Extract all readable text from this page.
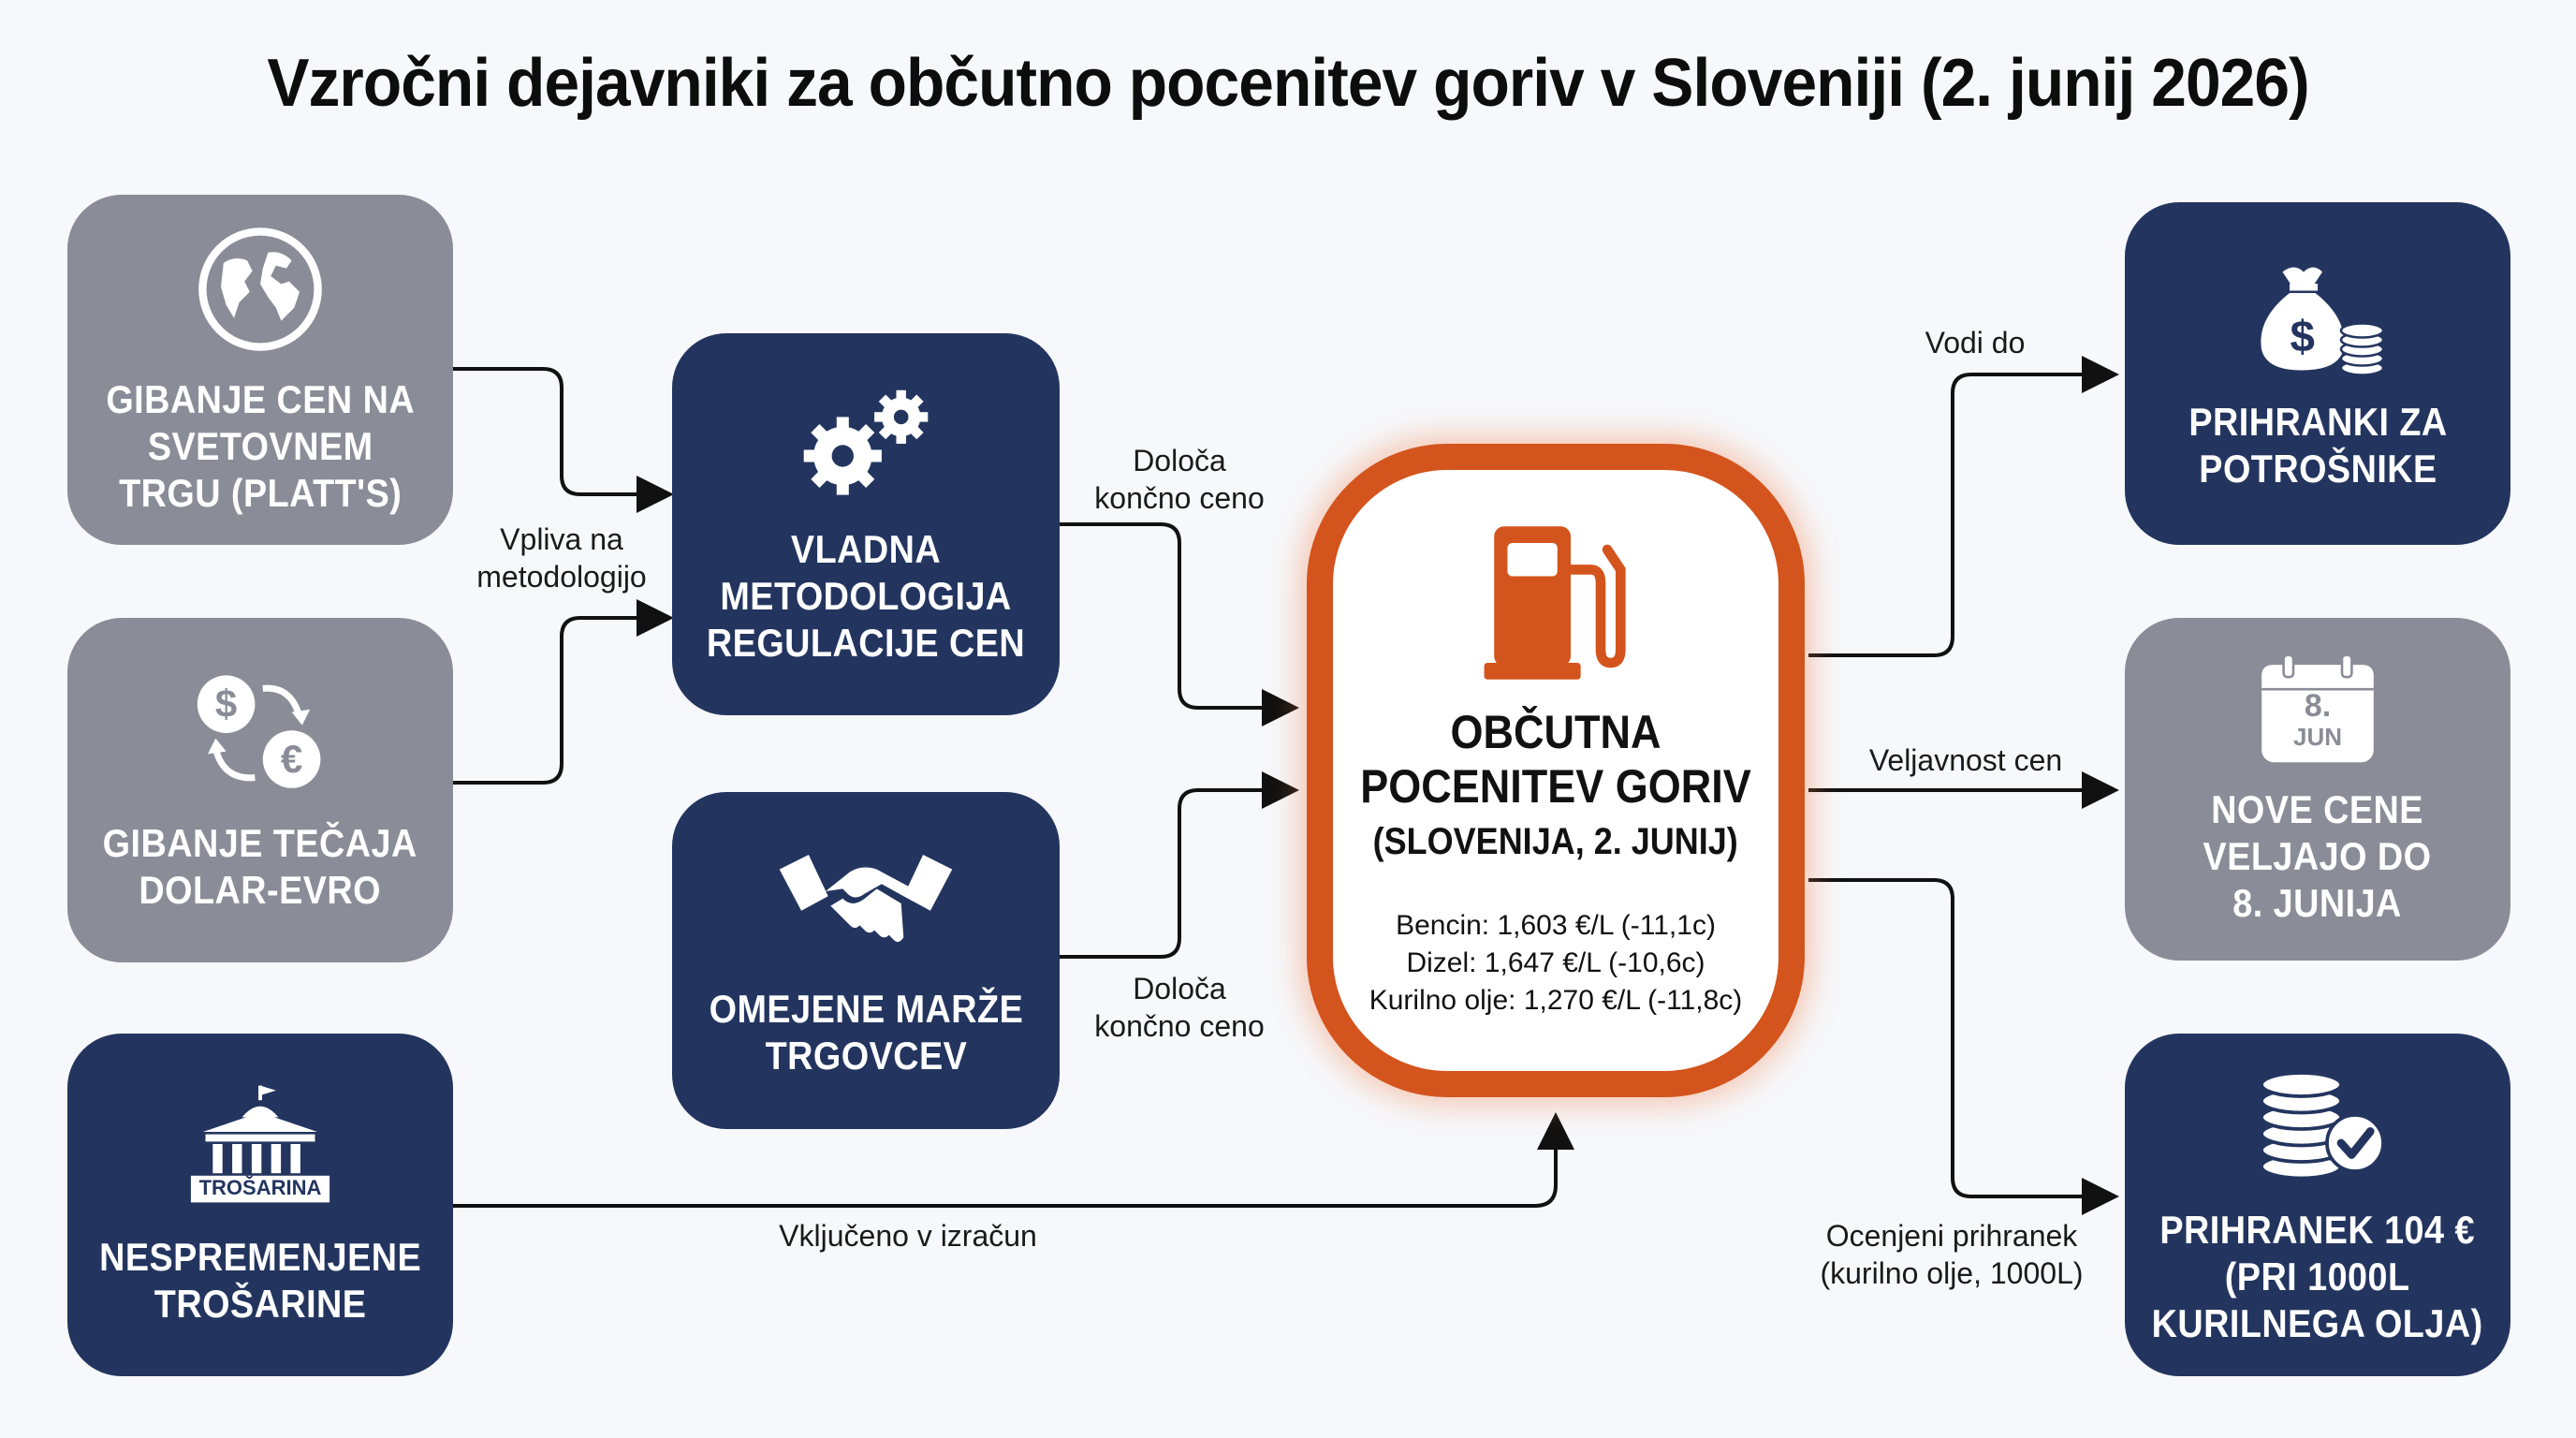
Vzročni dejavniki za občutno pocenitev goriv v Sloveniji (2. junij 2026)
Vpliva na
metodologijo
Določa
končno ceno
Določa
končno ceno
Vključeno v izračun
Vodi do
Veljavnost cen
Ocenjeni prihranek
(kurilno olje, 1000L)
GIBANJE CEN NA
SVETOVNEM
TRGU (PLATT'S)
$
€
GIBANJE TEČAJA
DOLAR-EVRO
TROŠARINA
NESPREMENJENE
TROŠARINE
VLADNA
METODOLOGIJA
REGULACIJE CEN
OMEJENE MARŽE
TRGOVCEV
OBČUTNA
POCENITEV GORIV
(SLOVENIJA, 2. JUNIJ)
Bencin: 1,603 €/L (-11,1c)
Dizel: 1,647 €/L (-10,6c)
Kurilno olje: 1,270 €/L (-11,8c)
$
PRIHRANKI ZA
POTROŠNIKE
8.
JUN
NOVE CENE
VELJAJO DO
8. JUNIJA
PRIHRANEK 104 €
(PRI 1000L
KURILNEGA OLJA)
